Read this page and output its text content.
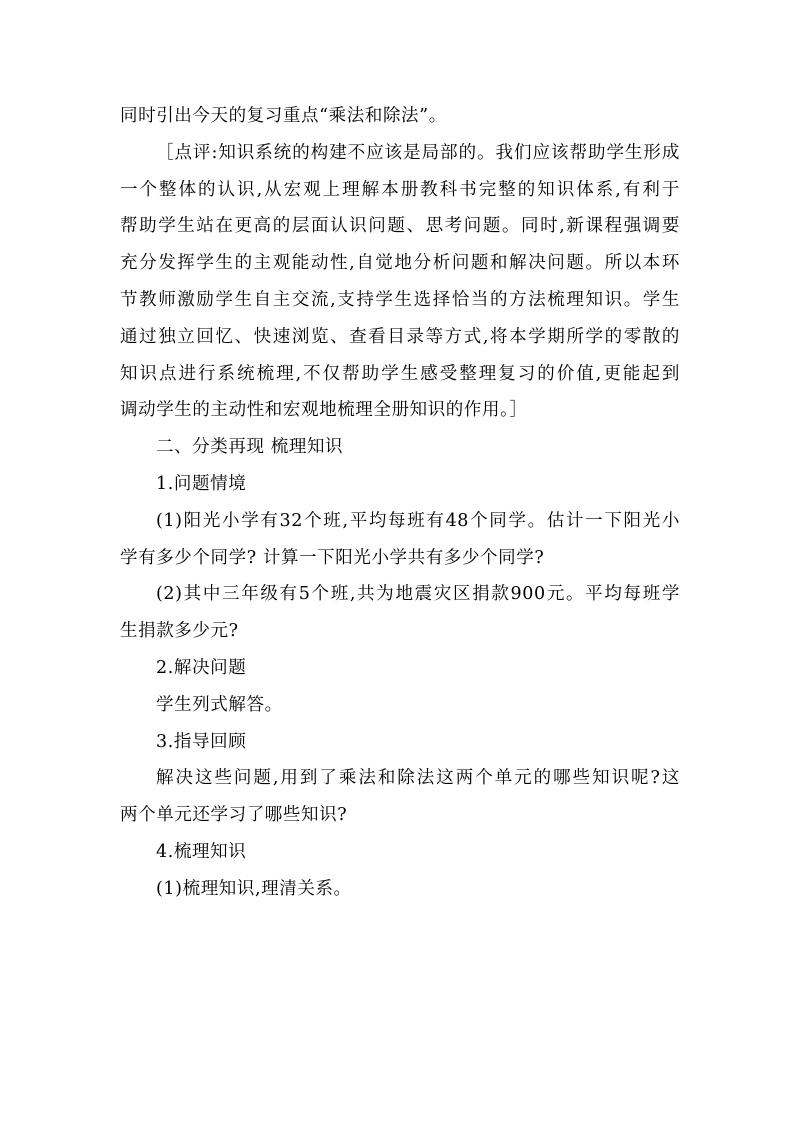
同时引出今天的复习重点“乘法和除法”。
［点评:知识系统的构建不应该是局部的。我们应该帮助学生形成
一个整体的认识,从宏观上理解本册教科书完整的知识体系,有利于
帮助学生站在更高的层面认识问题、思考问题。同时,新课程强调要
充分发挥学生的主观能动性,自觉地分析问题和解决问题。所以本环
节教师激励学生自主交流,支持学生选择恰当的方法梳理知识。学生
通过独立回忆、快速浏览、查看目录等方式,将本学期所学的零散的
知识点进行系统梳理,不仅帮助学生感受整理复习的价值,更能起到
调动学生的主动性和宏观地梳理全册知识的作用。］
二、分类再现 梳理知识
1.问题情境
(1)阳光小学有32个班,平均每班有48个同学。估计一下阳光小
学有多少个同学? 计算一下阳光小学共有多少个同学?
(2)其中三年级有5个班,共为地震灾区捐款900元。平均每班学
生捐款多少元?
2.解决问题
学生列式解答。
3.指导回顾
解决这些问题,用到了乘法和除法这两个单元的哪些知识呢?这
两个单元还学习了哪些知识?
4.梳理知识
(1)梳理知识,理清关系。
